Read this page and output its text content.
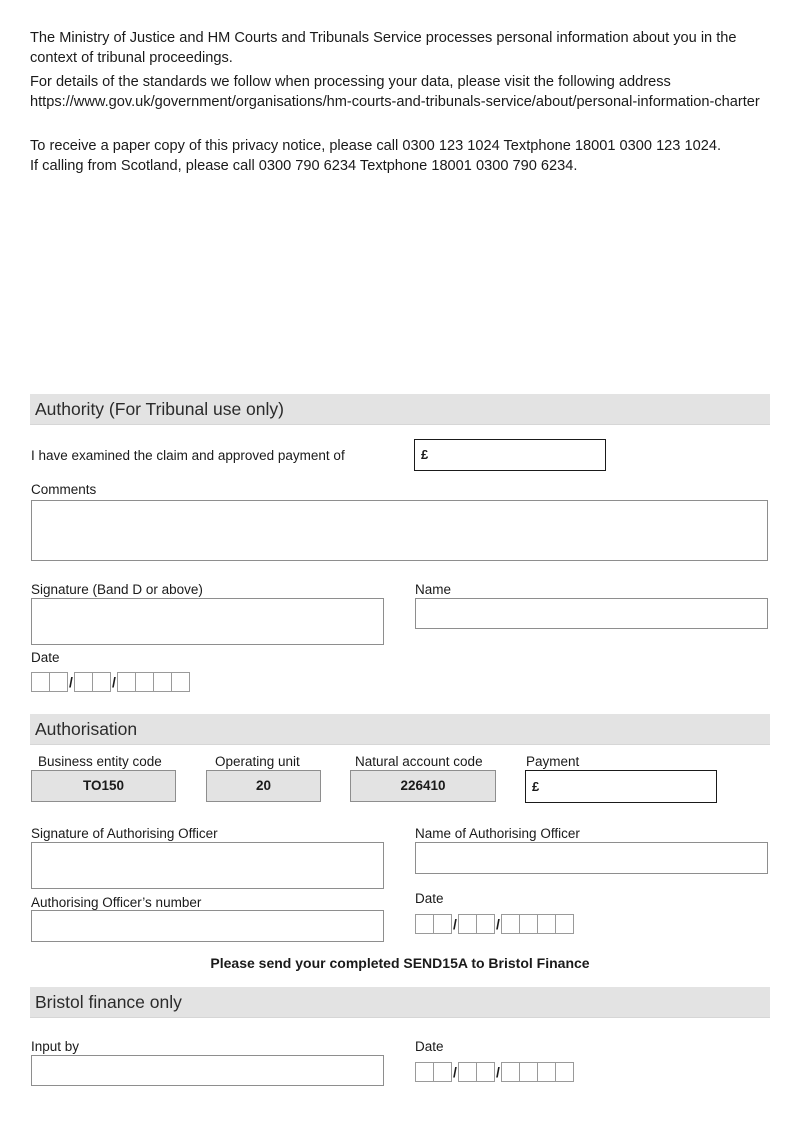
The Ministry of Justice and HM Courts and Tribunals Service processes personal information about you in the context of tribunal proceedings.

For details of the standards we follow when processing your data, please visit the following address
https://www.gov.uk/government/organisations/hm-courts-and-tribunals-service/about/personal-information-charter
To receive a paper copy of this privacy notice, please call 0300 123 1024 Textphone 18001 0300 123 1024.
If calling from Scotland, please call 0300 790 6234 Textphone 18001 0300 790 6234.
Authority (For Tribunal use only)
I have examined the claim and approved payment of	£
Comments
Signature (Band D or above)	Name
Date
/	/
Authorisation
Business entity code
TO150
Operating unit
20
Natural account code
226410
Payment
£
Signature of Authorising Officer	Name of Authorising Officer
Authorising Officer’s number	Date
/	/
Please send your completed SEND15A to Bristol Finance
Bristol finance only
Input by	Date
/	/
